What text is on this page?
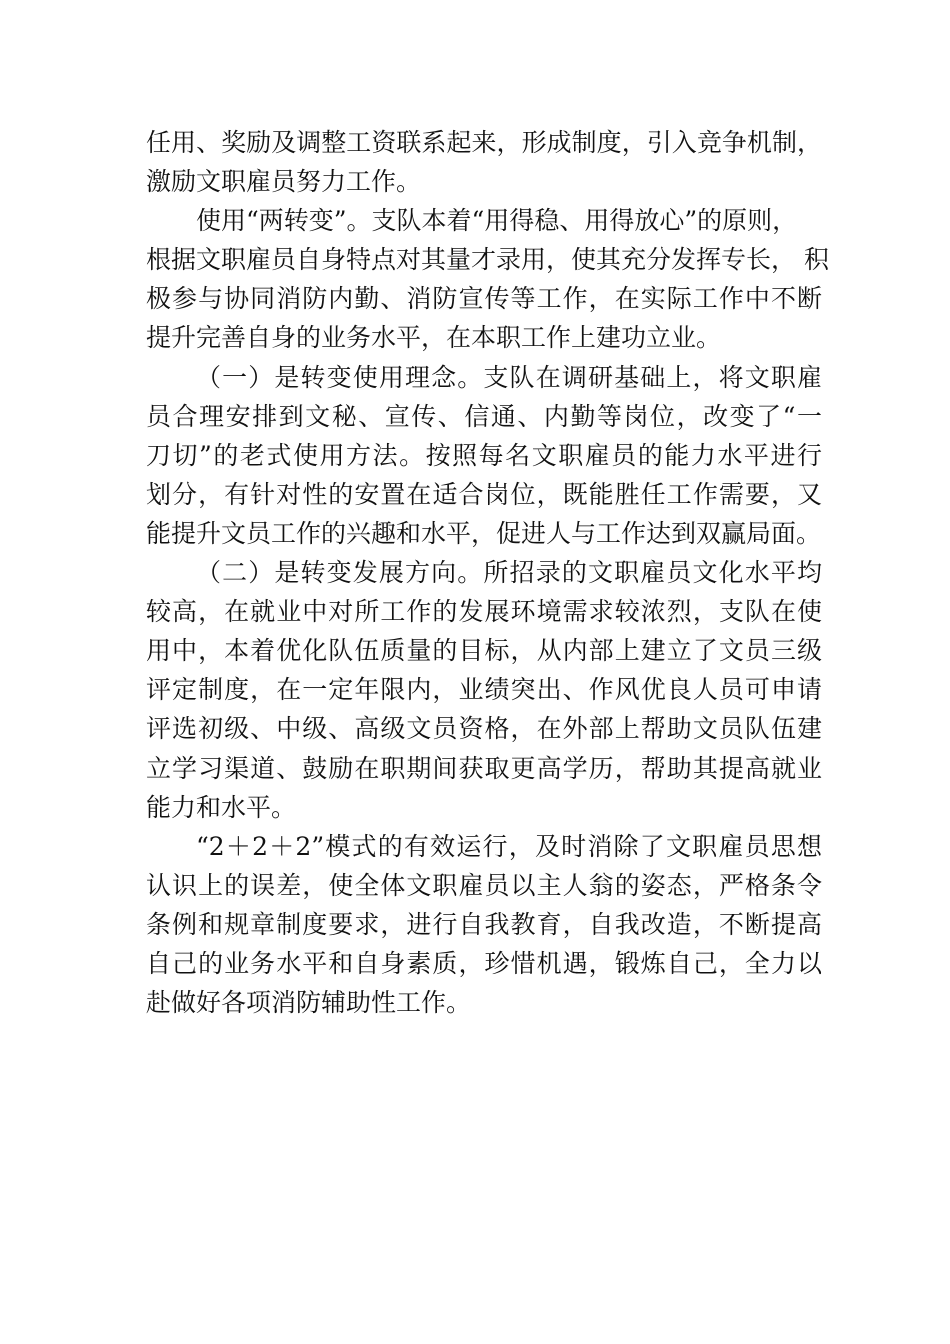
任用、奖励及调整工资联系起来，形成制度，引入竞争机制，
激励文职雇员努力工作。
使用“两转变”。支队本着“用得稳、用得放心”的原则，
根据文职雇员自身特点对其量才录用，使其充分发挥专长， 积
极参与协同消防内勤、消防宣传等工作，在实际工作中不断
提升完善自身的业务水平，在本职工作上建功立业。
（一）是转变使用理念。支队在调研基础上，将文职雇
员合理安排到文秘、宣传、信通、内勤等岗位，改变了“一
刀切”的老式使用方法。按照每名文职雇员的能力水平进行
划分，有针对性的安置在适合岗位，既能胜任工作需要，又
能提升文员工作的兴趣和水平，促进人与工作达到双赢局面。
（二）是转变发展方向。所招录的文职雇员文化水平均
较高，在就业中对所工作的发展环境需求较浓烈，支队在使
用中，本着优化队伍质量的目标，从内部上建立了文员三级
评定制度，在一定年限内，业绩突出、作风优良人员可申请
评选初级、中级、高级文员资格，在外部上帮助文员队伍建
立学习渠道、鼓励在职期间获取更高学历，帮助其提高就业
能力和水平。
“2＋2＋2”模式的有效运行，及时消除了文职雇员思想
认识上的误差，使全体文职雇员以主人翁的姿态，严格条令
条例和规章制度要求，进行自我教育，自我改造，不断提高
自己的业务水平和自身素质，珍惜机遇，锻炼自己，全力以
赴做好各项消防辅助性工作。
